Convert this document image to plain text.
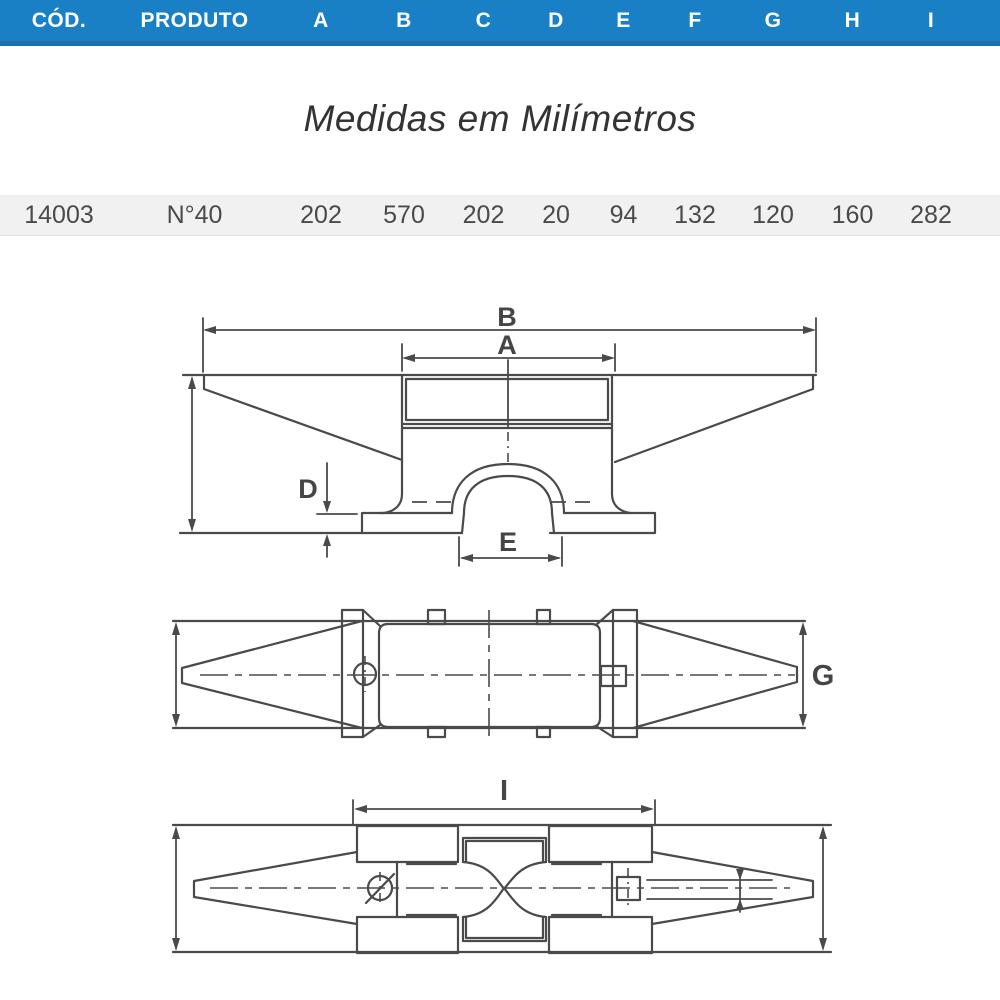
CÓD.	PRODUTO	A	B	C	D	E	F	G	H	I
Medidas em Milímetros
14003	N°40	202	570	202	20	94	132	120	160	282
B
A
D
E
G
I
